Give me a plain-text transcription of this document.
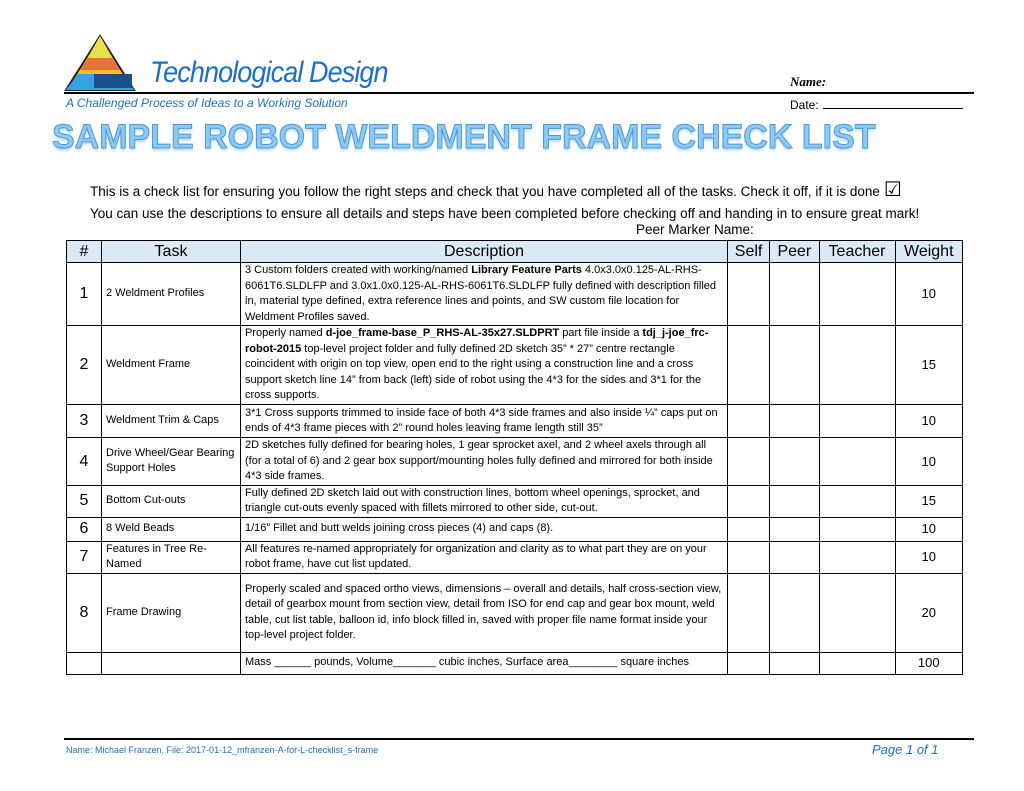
Technological Design
A Challenged Process of Ideas to a Working Solution
Name:
Date:
SAMPLE ROBOT WELDMENT FRAME CHECK LIST
This is a check list for ensuring you follow the right steps and check that you have completed all of the tasks. Check it off, if it is done ☑
You can use the descriptions to ensure all details and steps have been completed before checking off and handing in to ensure great mark!
Peer Marker Name:
#	Task	Description	Self	Peer	Teacher	Weight
1	2 Weldment Profiles	3 Custom folders created with working/named Library Feature Parts 4.0x3.0x0.125-AL-RHS-6061T6.SLDLFP and 3.0x1.0x0.125-AL-RHS-6061T6.SLDLFP fully defined with description filled in, material type defined, extra reference lines and points, and SW custom file location for Weldment Profiles saved.				10
2	Weldment Frame	Properly named d-joe_frame-base_P_RHS-AL-35x27.SLDPRT part file inside a tdj_j-joe_frc-robot-2015 top-level project folder and fully defined 2D sketch 35” * 27” centre rectangle coincident with origin on top view, open end to the right using a construction line and a cross support sketch line 14” from back (left) side of robot using the 4*3 for the sides and 3*1 for the cross supports.				15
3	Weldment Trim & Caps	3*1 Cross supports trimmed to inside face of both 4*3 side frames and also inside ¼” caps put on ends of 4*3 frame pieces with 2” round holes leaving frame length still 35”				10
4	Drive Wheel/Gear Bearing Support Holes	2D sketches fully defined for bearing holes, 1 gear sprocket axel, and 2 wheel axels through all (for a total of 6) and 2 gear box support/mounting holes fully defined and mirrored for both inside 4*3 side frames.				10
5	Bottom Cut-outs	Fully defined 2D sketch laid out with construction lines, bottom wheel openings, sprocket, and triangle cut-outs evenly spaced with fillets mirrored to other side, cut-out.				15
6	8 Weld Beads	1/16” Fillet and butt welds joining cross pieces (4) and caps (8).				10
7	Features in Tree Re-Named	All features re-named appropriately for organization and clarity as to what part they are on your robot frame, have cut list updated.				10
8	Frame Drawing	Properly scaled and spaced ortho views, dimensions – overall and details, half cross-section view, detail of gearbox mount from section view, detail from ISO for end cap and gear box mount, weld table, cut list table, balloon id, info block filled in, saved with proper file name format inside your top-level project folder.				20
		Mass ______ pounds, Volume_______ cubic inches, Surface area________ square inches				100
Name: Michael Franzen, File: 2017-01-12_mfranzen-A-for-L-checklist_s-frame	Page 1 of 1
